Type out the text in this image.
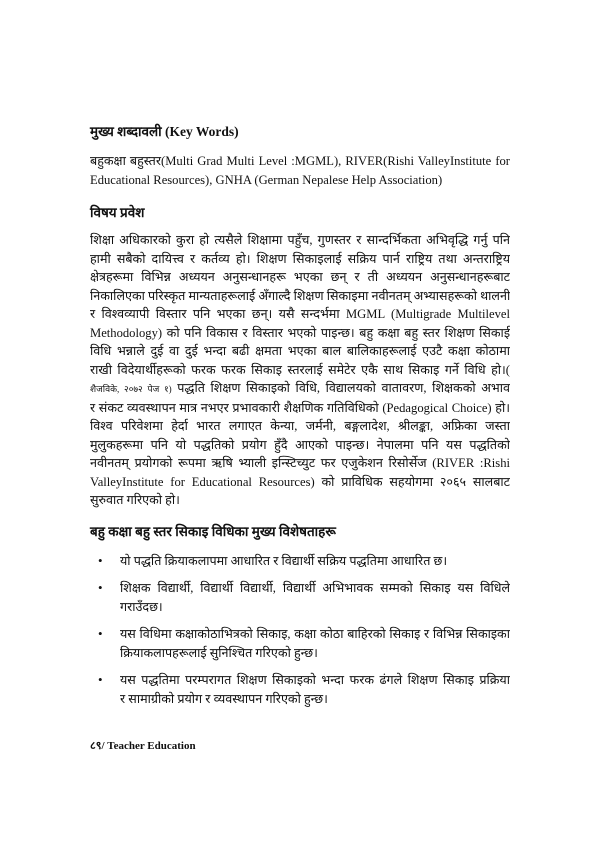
मुख्य शब्दावली (Key Words)
बहुकक्षा बहुस्तर(Multi Grad Multi Level :MGML), RIVER(Rishi ValleyInstitute for
Educational Resources), GNHA (German Nepalese Help Association)
विषय प्रवेश
शिक्षा अधिकारको कुरा हो त्यसैले शिक्षामा पहुँच, गुणस्तर र सान्दर्भिकता अभिवृद्धि गर्नु पनि
हामी सबैको दायित्त्व र कर्तव्य हो। शिक्षण सिकाइलाई सक्रिय पार्न राष्ट्रिय तथा अन्तराष्ट्रिय
क्षेत्रहरूमा विभिन्न अध्ययन अनुसन्धानहरू भएका छन् र ती अध्ययन अनुसन्धानहरूबाट
निकालिएका परिस्कृत मान्यताहरूलाई अँगाल्दै शिक्षण सिकाइमा नवीनतम् अभ्यासहरूको थालनी
र विश्वव्यापी विस्तार पनि भएका छन्। यसै सन्दर्भमा MGML (Multigrade Multilevel
Methodology) को पनि विकास र विस्तार भएको पाइन्छ। बहु कक्षा बहु स्तर शिक्षण सिकाई
विधि भन्नाले दुई वा दुई भन्दा बढी क्षमता भएका बाल बालिकाहरूलाई एउटै कक्षा कोठामा
राखी विदेयार्थीहरूको फरक फरक सिकाइ स्तरलाई समेटेर एकै साथ सिकाइ गर्ने विधि हो।(
शैजविके, २०७२ पेज १) पद्धति शिक्षण सिकाइको विधि, विद्यालयको वातावरण, शिक्षकको अभाव
र संकट व्यवस्थापन मात्र नभएर प्रभावकारी शैक्षणिक गतिविधिको (Pedagogical Choice) हो।
विश्व परिवेशमा हेर्दा भारत लगाएत केन्या, जर्मनी, बङ्गलादेश, श्रीलङ्का, अफ्रिका जस्ता
मुलुकहरूमा पनि यो पद्धतिको प्रयोग हुँदै आएको पाइन्छ। नेपालमा पनि यस पद्धतिको
नवीनतम् प्रयोगको रूपमा ऋषि भ्याली इन्स्टिच्युट फर एजुकेशन रिसोर्सेज (RIVER :Rishi
ValleyInstitute for Educational Resources) को प्राविधिक सहयोगमा २०६५ सालबाट
सुरुवात गरिएको हो।
बहु कक्षा बहु स्तर सिकाइ विधिका मुख्य विशेषताहरू
• यो पद्धति क्रियाकलापमा आधारित र विद्यार्थी सक्रिय पद्धतिमा आधारित छ।
• शिक्षक विद्यार्थी, विद्यार्थी विद्यार्थी, विद्यार्थी अभिभावक सम्मको सिकाइ यस विधिले
गराउँदछ।
• यस विधिमा कक्षाकोठाभित्रको सिकाइ, कक्षा कोठा बाहिरको सिकाइ र विभिन्न सिकाइका
क्रियाकलापहरूलाई सुनिश्चित गरिएको हुन्छ।
• यस पद्धतिमा परम्परागत शिक्षण सिकाइको भन्दा फरक ढंगले शिक्षण सिकाइ प्रक्रिया
र सामाग्रीको प्रयोग र व्यवस्थापन गरिएको हुन्छ।
८९/ Teacher Education
